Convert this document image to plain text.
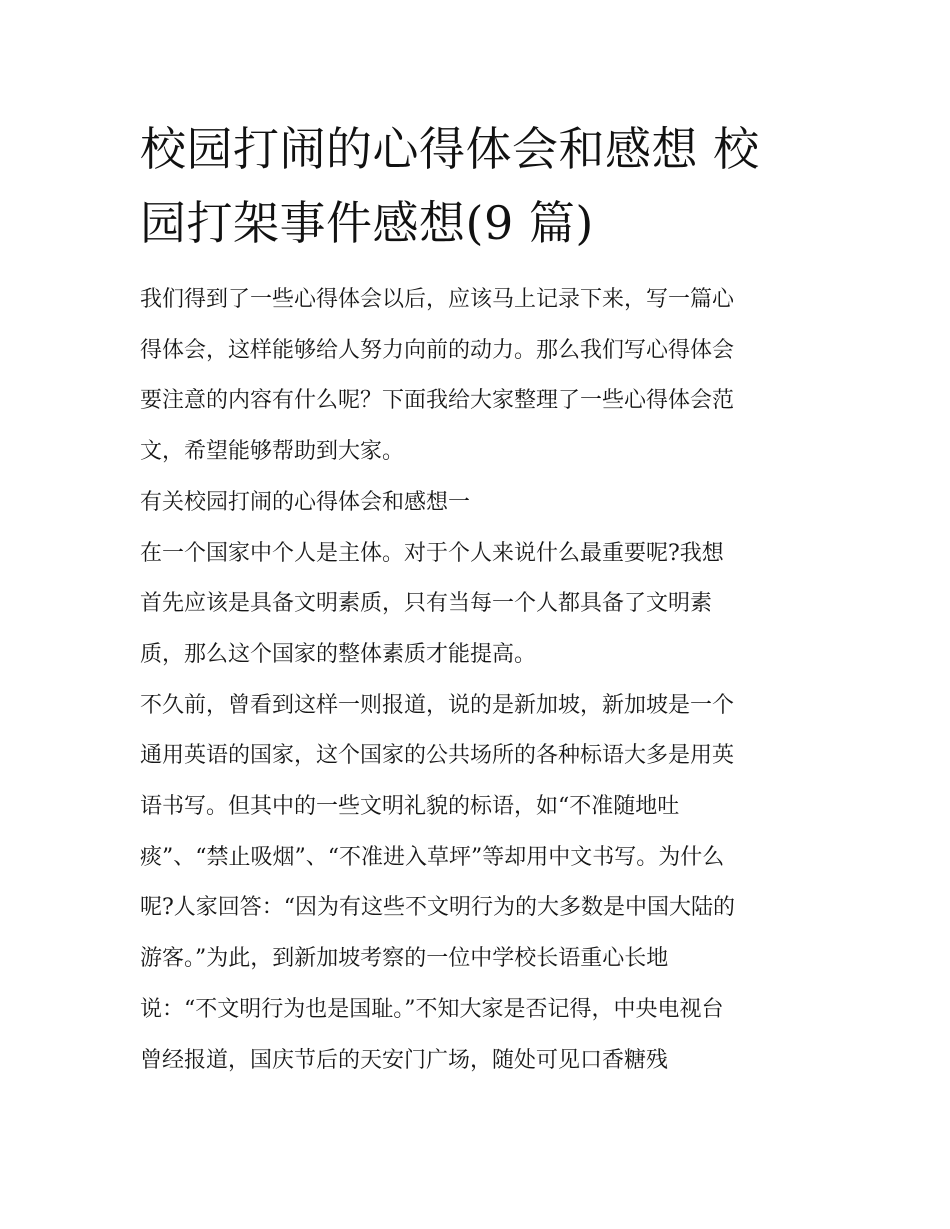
校园打闹的心得体会和感想 校
园打架事件感想(9 篇)

我们得到了一些心得体会以后，应该马上记录下来，写一篇心

得体会，这样能够给人努力向前的动力。那么我们写心得体会

要注意的内容有什么呢？下面我给大家整理了一些心得体会范

文，希望能够帮助到大家。

有关校园打闹的心得体会和感想一

在一个国家中个人是主体。对于个人来说什么最重要呢?我想

首先应该是具备文明素质，只有当每一个人都具备了文明素

质，那么这个国家的整体素质才能提高。

不久前，曾看到这样一则报道，说的是新加坡，新加坡是一个

通用英语的国家，这个国家的公共场所的各种标语大多是用英

语书写。但其中的一些文明礼貌的标语，如“不准随地吐

痰”、“禁止吸烟”、“不准进入草坪”等却用中文书写。为什么

呢?人家回答：“因为有这些不文明行为的大多数是中国大陆的

游客。”为此，到新加坡考察的一位中学校长语重心长地

说：“不文明行为也是国耻。”不知大家是否记得，中央电视台

曾经报道，国庆节后的天安门广场，随处可见口香糖残
